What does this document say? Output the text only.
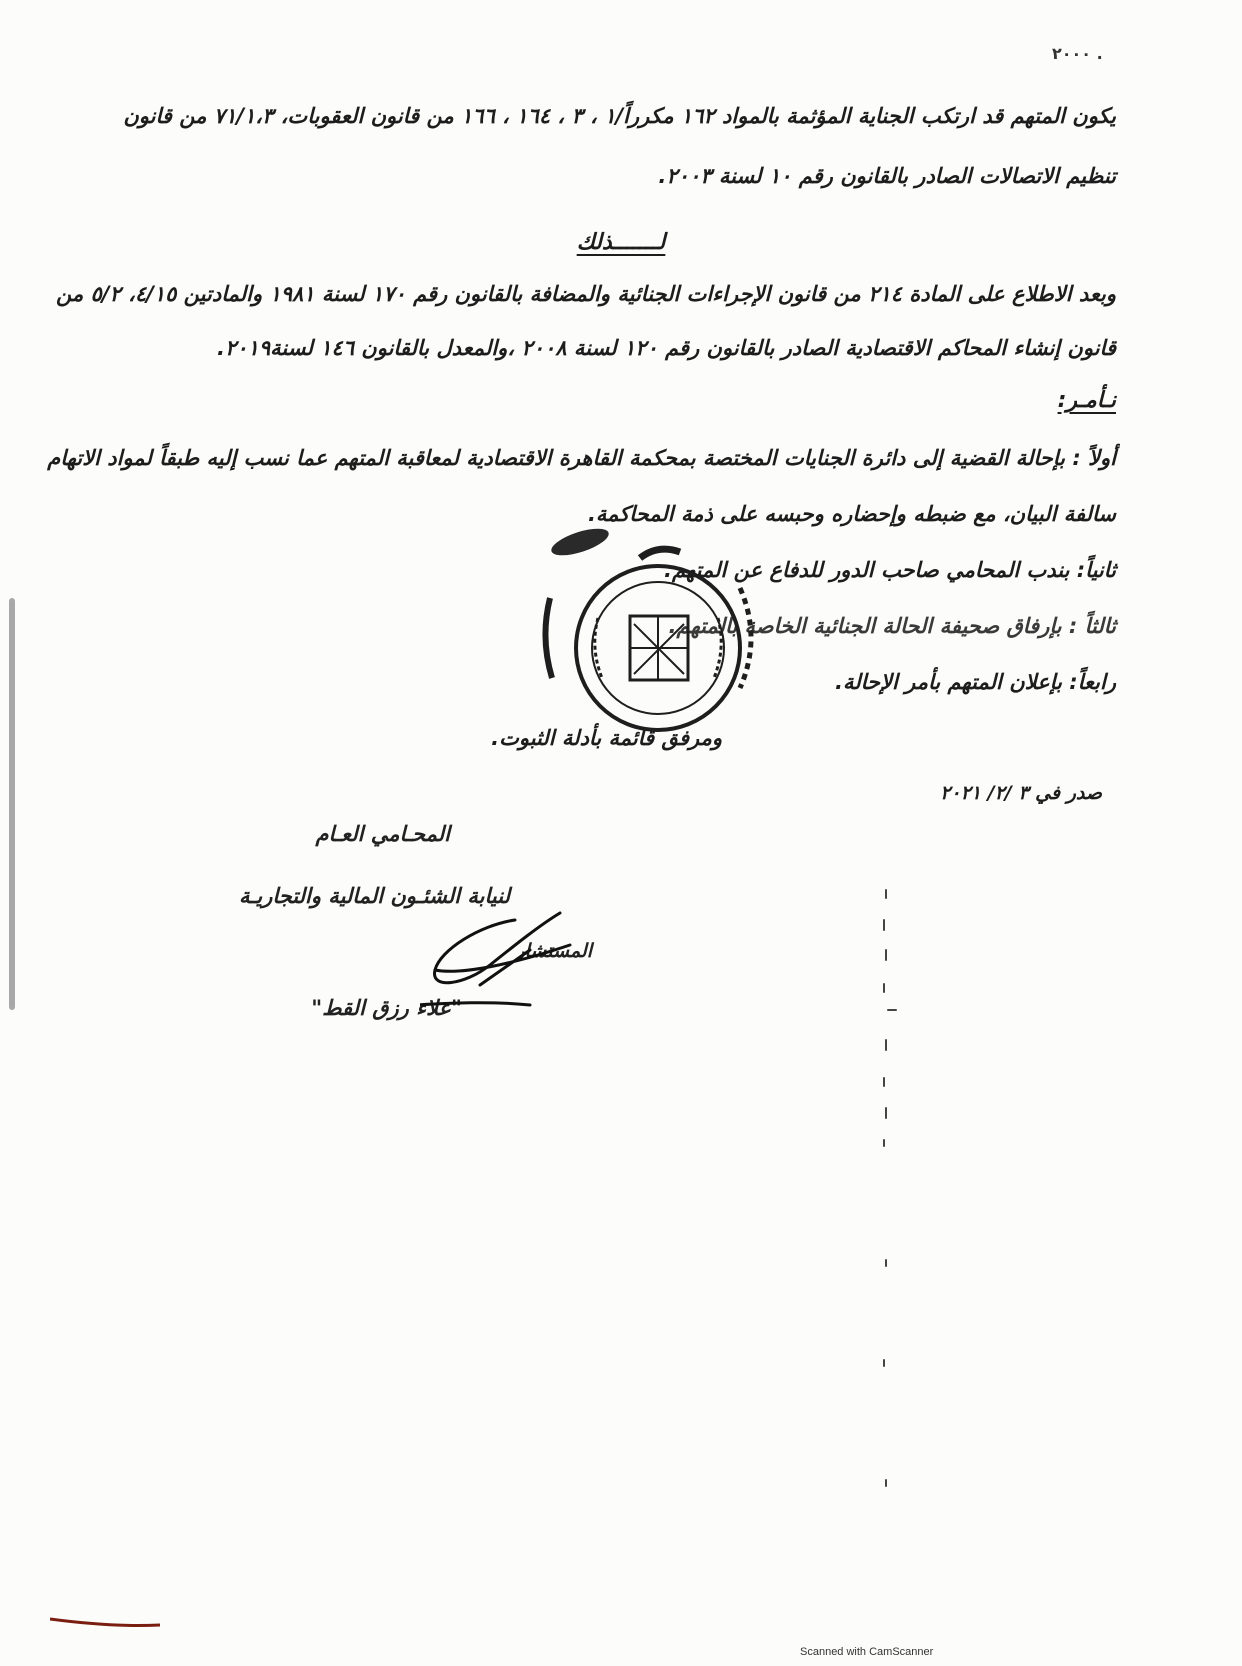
٢٠٠٠ .
يكون المتهم قد ارتكب الجناية المؤثمة بالمواد ١٦٢ مكرراً/١ ، ٣ ، ١٦٤ ، ١٦٦ من قانون العقوبات، ٧١/١،٣ من قانون
تنظيم الاتصالات الصادر بالقانون رقم ١٠ لسنة ٢٠٠٣.
لـــــــذلك
وبعد الاطلاع على المادة ٢١٤ من قانون الإجراءات الجنائية والمضافة بالقانون رقم ١٧٠ لسنة ١٩٨١ والمادتين ٤/١٥، ٥/٢ من
قانون إنشاء المحاكم الاقتصادية الصادر بالقانون رقم ١٢٠ لسنة ٢٠٠٨ ،والمعدل بالقانون ١٤٦ لسنة٢٠١٩.
نـأمـر:
أولاً : بإحالة القضية إلى دائرة الجنايات المختصة بمحكمة القاهرة الاقتصادية لمعاقبة المتهم عما نسب إليه طبقاً لمواد الاتهام
سالفة البيان، مع ضبطه وإحضاره وحبسه على ذمة المحاكمة.
ثانياً: بندب المحامي صاحب الدور للدفاع عن المتهم.
ثالثاً : بإرفاق صحيفة الحالة الجنائية الخاصة بالمتهم.
رابعاً: بإعلان المتهم بأمر الإحالة.
ومرفق قائمة بأدلة الثبوت.
صدر في ٣ /٢/ ٢٠٢١
المحـامي العـام
لنيابة الشئـون المالية والتجاريـة
المستشار
"علاء رزق القط"
Scanned with CamScanner
